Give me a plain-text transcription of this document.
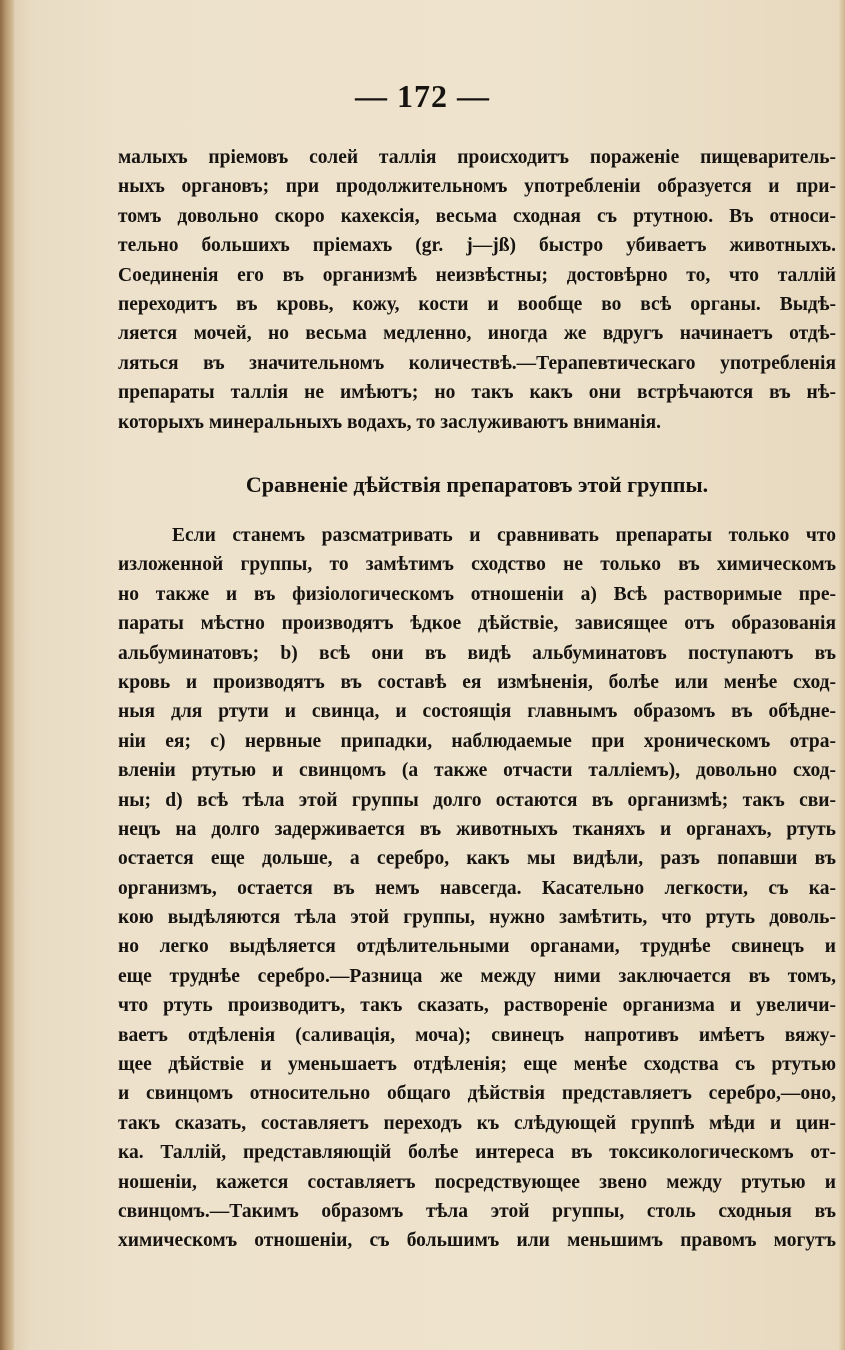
— 172 —
малыхъ пріемовъ солей таллія происходитъ пораженіе пищеваритель-
ныхъ органовъ; при продолжительномъ употребленіи образуется и при-
томъ довольно скоро кахексія, весьма сходная съ ртутною. Въ относи-
тельно большихъ пріемахъ (gr. j—jß) быстро убиваетъ животныхъ.
Соединенія его въ организмѣ неизвѣстны; достовѣрно то, что таллій
переходитъ въ кровь, кожу, кости и вообще во всѣ органы. Выдѣ-
ляется мочей, но весьма медленно, иногда же вдругъ начинаетъ отдѣ-
ляться въ значительномъ количествѣ.—Терапевтическаго употребленія
препараты таллія не имѣютъ; но такъ какъ они встрѣчаются въ нѣ-
которыхъ минеральныхъ водахъ, то заслуживаютъ вниманія.
Сравненіе дѣйствія препаратовъ этой группы.
Если станемъ разсматривать и сравнивать препараты только что
изложенной группы, то замѣтимъ сходство не только въ химическомъ
но также и въ физіологическомъ отношеніи a) Всѣ растворимые пре-
параты мѣстно производятъ ѣдкое дѣйствіе, зависящее отъ образованія
альбуминатовъ; b) всѣ они въ видѣ альбуминатовъ поступаютъ въ
кровь и производятъ въ составѣ ея измѣненія, болѣе или менѣе сход-
ныя для ртути и свинца, и состоящія главнымъ образомъ въ обѣдне-
ніи ея; c) нервные припадки, наблюдаемые при хроническомъ отра-
вленіи ртутью и свинцомъ (а также отчасти талліемъ), довольно сход-
ны; d) всѣ тѣла этой группы долго остаются въ организмѣ; такъ сви-
нецъ на долго задерживается въ животныхъ тканяхъ и органахъ, ртуть
остается еще дольше, а серебро, какъ мы видѣли, разъ попавши въ
организмъ, остается въ немъ навсегда. Касательно легкости, съ ка-
кою выдѣляются тѣла этой группы, нужно замѣтить, что ртуть доволь-
но легко выдѣляется отдѣлительными органами, труднѣе свинецъ и
еще труднѣе серебро.—Разница же между ними заключается въ томъ,
что ртуть производитъ, такъ сказать, раствореніе организма и увеличи-
ваетъ отдѣленія (саливація, моча); свинецъ напротивъ имѣетъ вяжу-
щее дѣйствіе и уменьшаетъ отдѣленія; еще менѣе сходства съ ртутью
и свинцомъ относительно общаго дѣйствія представляетъ серебро,—оно,
такъ сказать, составляетъ переходъ къ слѣдующей группѣ мѣди и цин-
ка. Таллій, представляющій болѣе интереса въ токсикологическомъ от-
ношеніи, кажется составляетъ посредствующее звено между ртутью и
свинцомъ.—Такимъ образомъ тѣла этой ргуппы, столь сходныя въ
химическомъ отношеніи, съ большимъ или меньшимъ правомъ могутъ
